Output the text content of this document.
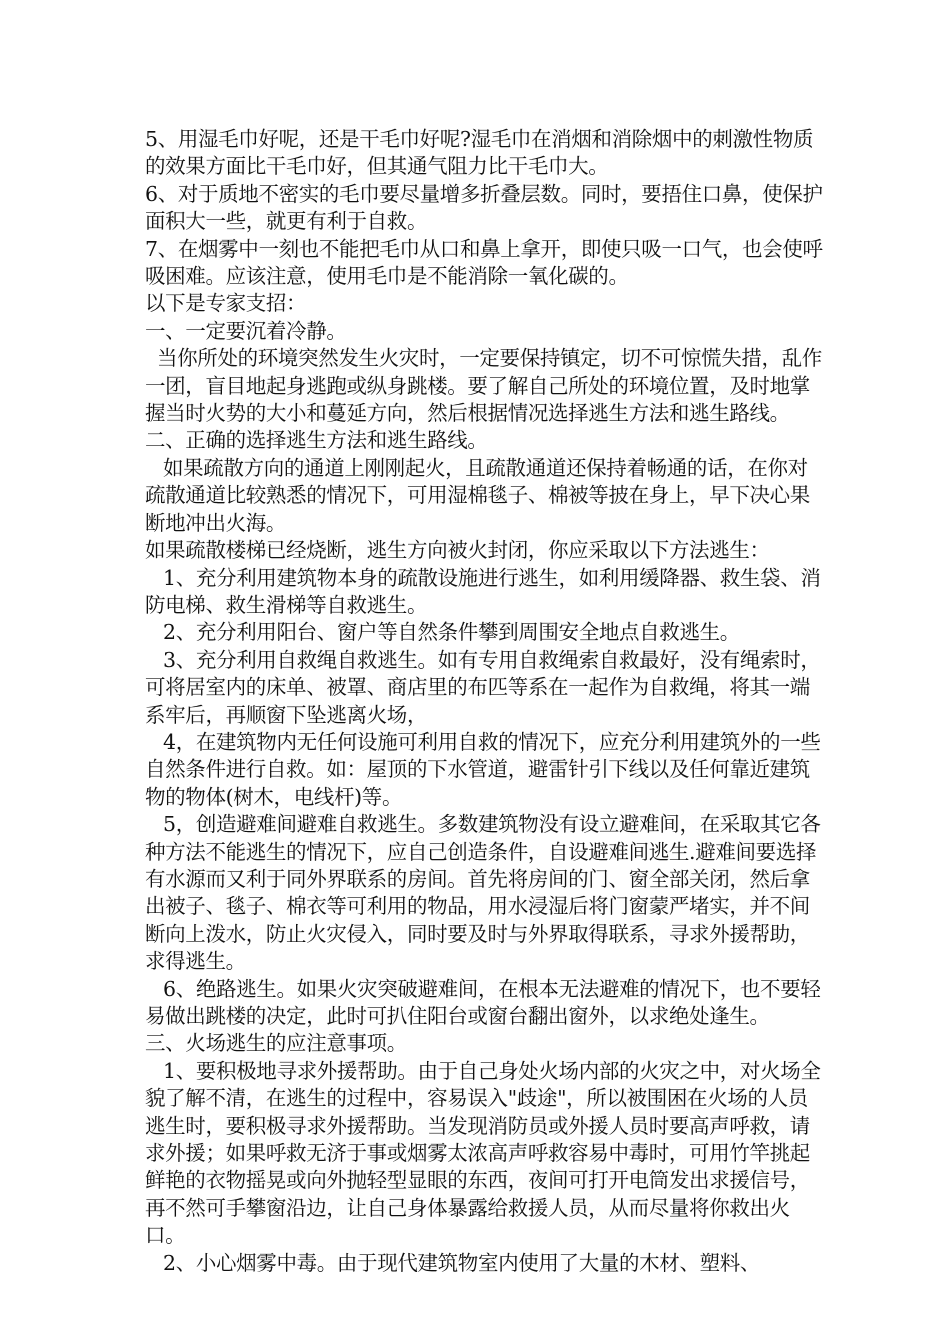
5、用湿毛巾好呢，还是干毛巾好呢?湿毛巾在消烟和消除烟中的刺激性物质的效果方面比干毛巾好，但其通气阻力比干毛巾大。

6、对于质地不密实的毛巾要尽量增多折叠层数。同时，要捂住口鼻，使保护面积大一些，就更有利于自救。

7、在烟雾中一刻也不能把毛巾从口和鼻上拿开，即使只吸一口气，也会使呼吸困难。应该注意，使用毛巾是不能消除一氧化碳的。

以下是专家支招：

一、一定要沉着冷静。

当你所处的环境突然发生火灾时，一定要保持镇定，切不可惊慌失措，乱作一团，盲目地起身逃跑或纵身跳楼。要了解自己所处的环境位置，及时地掌握当时火势的大小和蔓延方向，然后根据情况选择逃生方法和逃生路线。

二、正确的选择逃生方法和逃生路线。

如果疏散方向的通道上刚刚起火，且疏散通道还保持着畅通的话，在你对疏散通道比较熟悉的情况下，可用湿棉毯子、棉被等披在身上，早下决心果断地冲出火海。

如果疏散楼梯已经烧断，逃生方向被火封闭，你应采取以下方法逃生：

1、充分利用建筑物本身的疏散设施进行逃生，如利用缓降器、救生袋、消防电梯、救生滑梯等自救逃生。

2、充分利用阳台、窗户等自然条件攀到周围安全地点自救逃生。

3、充分利用自救绳自救逃生。如有专用自救绳索自救最好，没有绳索时，可将居室内的床单、被罩、商店里的布匹等系在一起作为自救绳，将其一端系牢后，再顺窗下坠逃离火场，

4，在建筑物内无任何设施可利用自救的情况下，应充分利用建筑外的一些自然条件进行自救。如：屋顶的下水管道，避雷针引下线以及任何靠近建筑物的物体(树木，电线杆)等。

5，创造避难间避难自救逃生。多数建筑物没有设立避难间，在采取其它各种方法不能逃生的情况下，应自己创造条件，自设避难间逃生.避难间要选择有水源而又利于同外界联系的房间。首先将房间的门、窗全部关闭，然后拿出被子、毯子、棉衣等可利用的物品，用水浸湿后将门窗蒙严堵实，并不间断向上泼水，防止火灾侵入，同时要及时与外界取得联系，寻求外援帮助，求得逃生。

6、绝路逃生。如果火灾突破避难间，在根本无法避难的情况下，也不要轻易做出跳楼的决定，此时可扒住阳台或窗台翻出窗外，以求绝处逢生。

三、火场逃生的应注意事项。

1、要积极地寻求外援帮助。由于自己身处火场内部的火灾之中，对火场全貌了解不清，在逃生的过程中，容易误入"歧途"，所以被围困在火场的人员逃生时，要积极寻求外援帮助。当发现消防员或外援人员时要高声呼救，请求外援；如果呼救无济于事或烟雾太浓高声呼救容易中毒时，可用竹竿挑起鲜艳的衣物摇晃或向外抛轻型显眼的东西，夜间可打开电筒发出求援信号，再不然可手攀窗沿边，让自己身体暴露给救援人员，从而尽量将你救出火口。

2、小心烟雾中毒。由于现代建筑物室内使用了大量的木材、塑料、
